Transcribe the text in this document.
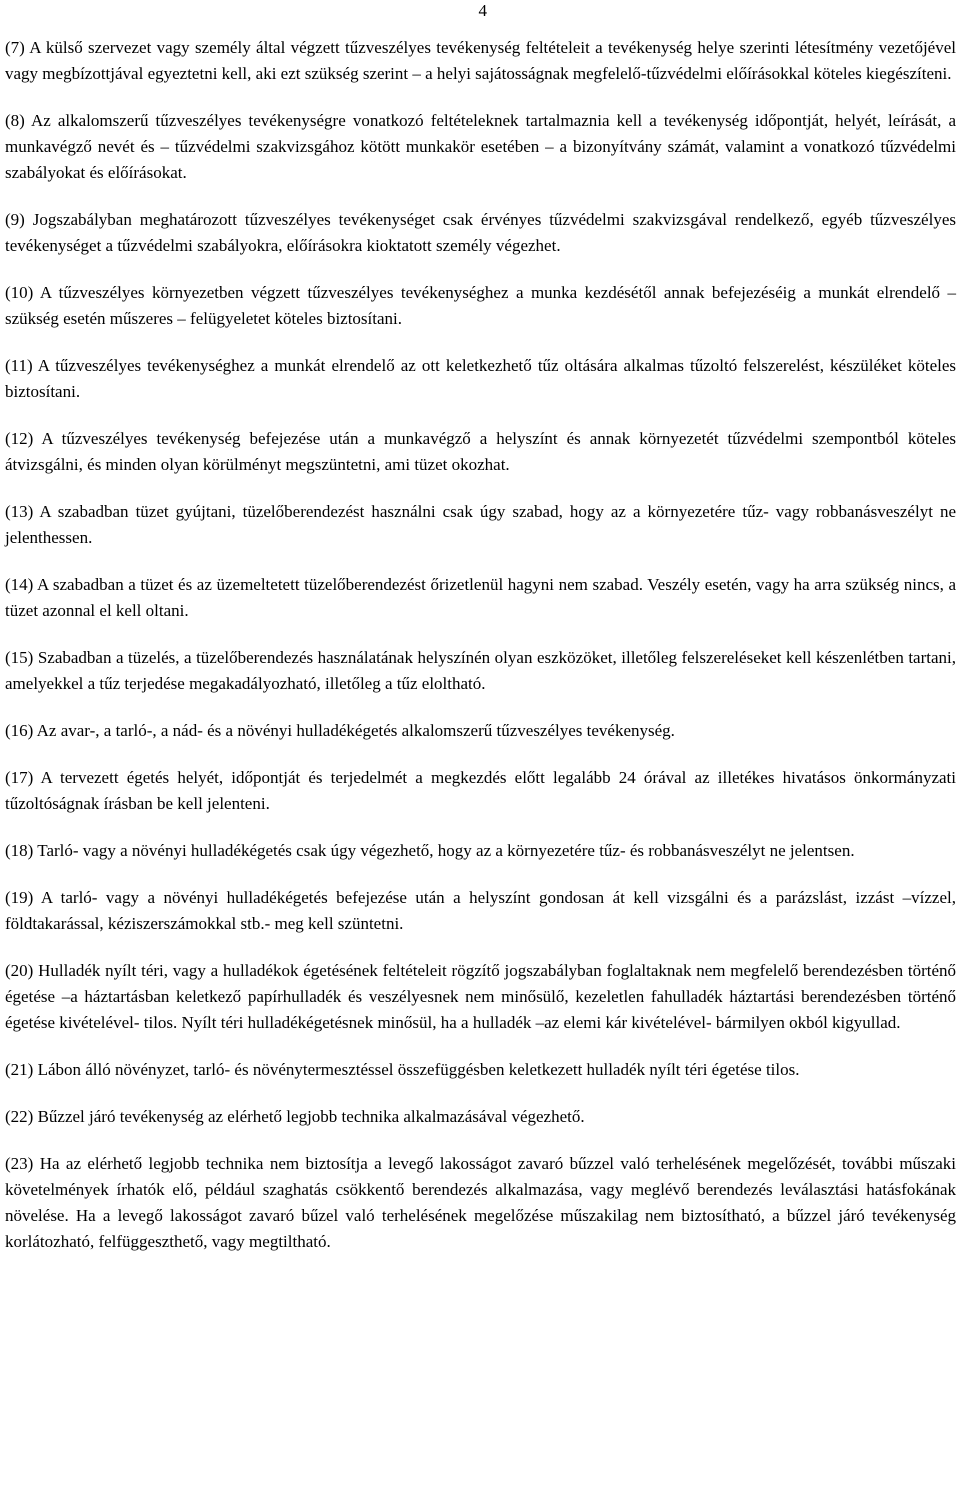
4

(7) A külső szervezet vagy személy által végzett tűzveszélyes tevékenység feltételeit a tevékenység helye szerinti létesítmény vezetőjével vagy megbízottjával egyeztetni kell, aki ezt szükség szerint – a helyi sajátosságnak megfelelő-tűzvédelmi előírásokkal köteles kiegészíteni.

(8) Az alkalomszerű tűzveszélyes tevékenységre vonatkozó feltételeknek tartalmaznia kell a tevékenység időpontját, helyét, leírását, a munkavégző nevét és – tűzvédelmi szakvizsgához kötött munkakör esetében – a bizonyítvány számát, valamint a vonatkozó tűzvédelmi szabályokat és előírásokat.

(9) Jogszabályban meghatározott tűzveszélyes tevékenységet csak érvényes tűzvédelmi szakvizsgával rendelkező, egyéb tűzveszélyes tevékenységet a tűzvédelmi szabályokra, előírásokra kioktatott személy végezhet.

(10) A tűzveszélyes környezetben végzett tűzveszélyes tevékenységhez a munka kezdésétől annak befejezéséig a munkát elrendelő – szükség esetén műszeres – felügyeletet köteles biztosítani.

(11) A tűzveszélyes tevékenységhez a munkát elrendelő az ott keletkezhető tűz oltására alkalmas tűzoltó felszerelést, készüléket köteles biztosítani.

(12) A tűzveszélyes tevékenység befejezése után a munkavégző a helyszínt és annak környezetét tűzvédelmi szempontból köteles átvizsgálni, és minden olyan körülményt megszüntetni, ami tüzet okozhat.

(13) A szabadban tüzet gyújtani, tüzelőberendezést használni csak úgy szabad, hogy az a környezetére tűz- vagy robbanásveszélyt ne jelenthessen.

(14) A szabadban a tüzet és az üzemeltetett tüzelőberendezést őrizetlenül hagyni nem szabad. Veszély esetén, vagy ha arra szükség nincs, a tüzet azonnal el kell oltani.

(15) Szabadban a tüzelés, a tüzelőberendezés használatának helyszínén olyan eszközöket, illetőleg felszereléseket kell készenlétben tartani, amelyekkel a tűz terjedése megakadályozható, illetőleg a tűz eloltható.

(16) Az avar-, a tarló-, a nád- és a növényi hulladékégetés alkalomszerű tűzveszélyes tevékenység.

(17) A tervezett égetés helyét, időpontját és terjedelmét a megkezdés előtt legalább 24 órával az illetékes hivatásos önkormányzati tűzoltóságnak írásban be kell jelenteni.

(18) Tarló- vagy a növényi hulladékégetés csak úgy végezhető, hogy az a környezetére tűz- és robbanásveszélyt ne jelentsen.

(19) A tarló- vagy a növényi hulladékégetés befejezése után a helyszínt gondosan át kell vizsgálni és a parázslást, izzást –vízzel, földtakarással, kéziszerszámokkal stb.- meg kell szüntetni.

(20) Hulladék nyílt téri, vagy a hulladékok égetésének feltételeit rögzítő jogszabályban foglaltaknak nem megfelelő berendezésben történő égetése –a háztartásban keletkező papírhulladék és veszélyesnek nem minősülő, kezeletlen fahulladék háztartási berendezésben történő égetése kivételével- tilos. Nyílt téri hulladékégetésnek minősül, ha a hulladék –az elemi kár kivételével- bármilyen okból kigyullad.

(21) Lábon álló növényzet, tarló- és növénytermesztéssel összefüggésben keletkezett hulladék nyílt téri égetése tilos.

(22) Bűzzel járó tevékenység az elérhető legjobb technika alkalmazásával végezhető.

(23) Ha az elérhető legjobb technika nem biztosítja a levegő lakosságot zavaró bűzzel való terhelésének megelőzését, további műszaki követelmények írhatók elő, például szaghatás csökkentő berendezés alkalmazása, vagy meglévő berendezés leválasztási hatásfokának növelése. Ha a levegő lakosságot zavaró bűzel való terhelésének megelőzése műszakilag nem biztosítható, a bűzzel járó tevékenység korlátozható, felfüggeszthető, vagy megtiltható.
